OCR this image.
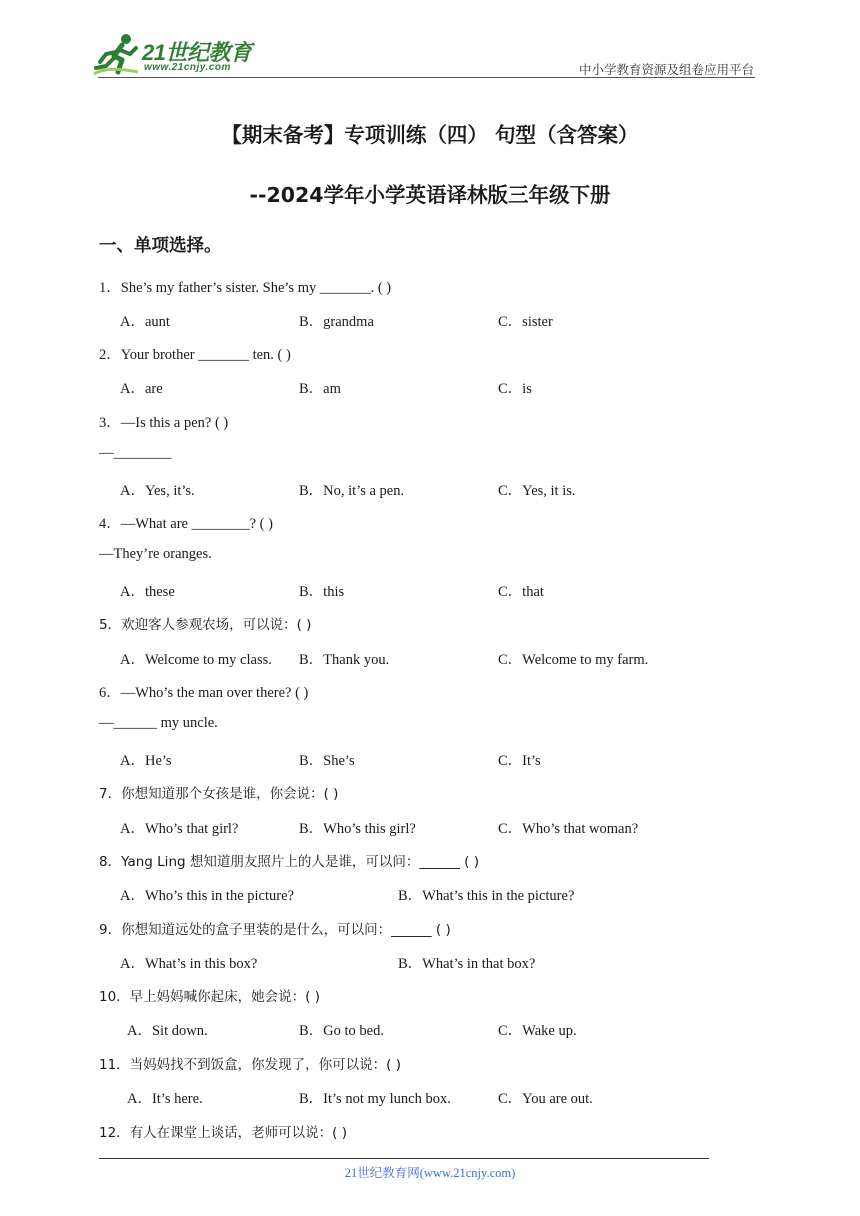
21世纪教育
www.21cnjy.com	中小学教育资源及组卷应用平台
【期末备考】专项训练（四） 句型（含答案）
--2024学年小学英语译林版三年级下册
一、单项选择。
1．She’s my father’s sister. She’s my _______. ( )
A．aunt	B．grandma	C．sister
2．Your brother _______ ten. ( )
A．are	B．am	C．is
3．—Is this a pen? ( )
—________
A．Yes, it’s.	B．No, it’s a pen.	C．Yes, it is.
4．—What are ________? ( )
—They’re oranges.
A．these	B．this	C．that
5．欢迎客人参观农场，可以说：( )
A．Welcome to my class. B．Thank you.	C．Welcome to my farm.
6．—Who’s the man over there? ( )
—______ my uncle.
A．He’s	B．She’s	C．It’s
7．你想知道那个女孩是谁，你会说：( )
A．Who’s that girl?	B．Who’s this girl?	C．Who’s that woman?
8．Yang Ling 想知道朋友照片上的人是谁，可以问：______ ( )
A．Who’s this in the picture?	B．What’s this in the picture?
9．你想知道远处的盒子里装的是什么，可以问：______ ( )
A．What’s in this box?	B．What’s in that box?
10．早上妈妈喊你起床，她会说：( )
A．Sit down.	B．Go to bed.	C．Wake up.
11．当妈妈找不到饭盒，你发现了，你可以说：( )
A．It’s here.	B．It’s not my lunch box.	C．You are out.
12．有人在课堂上谈话，老师可以说：( )
21世纪教育网(www.21cnjy.com)
